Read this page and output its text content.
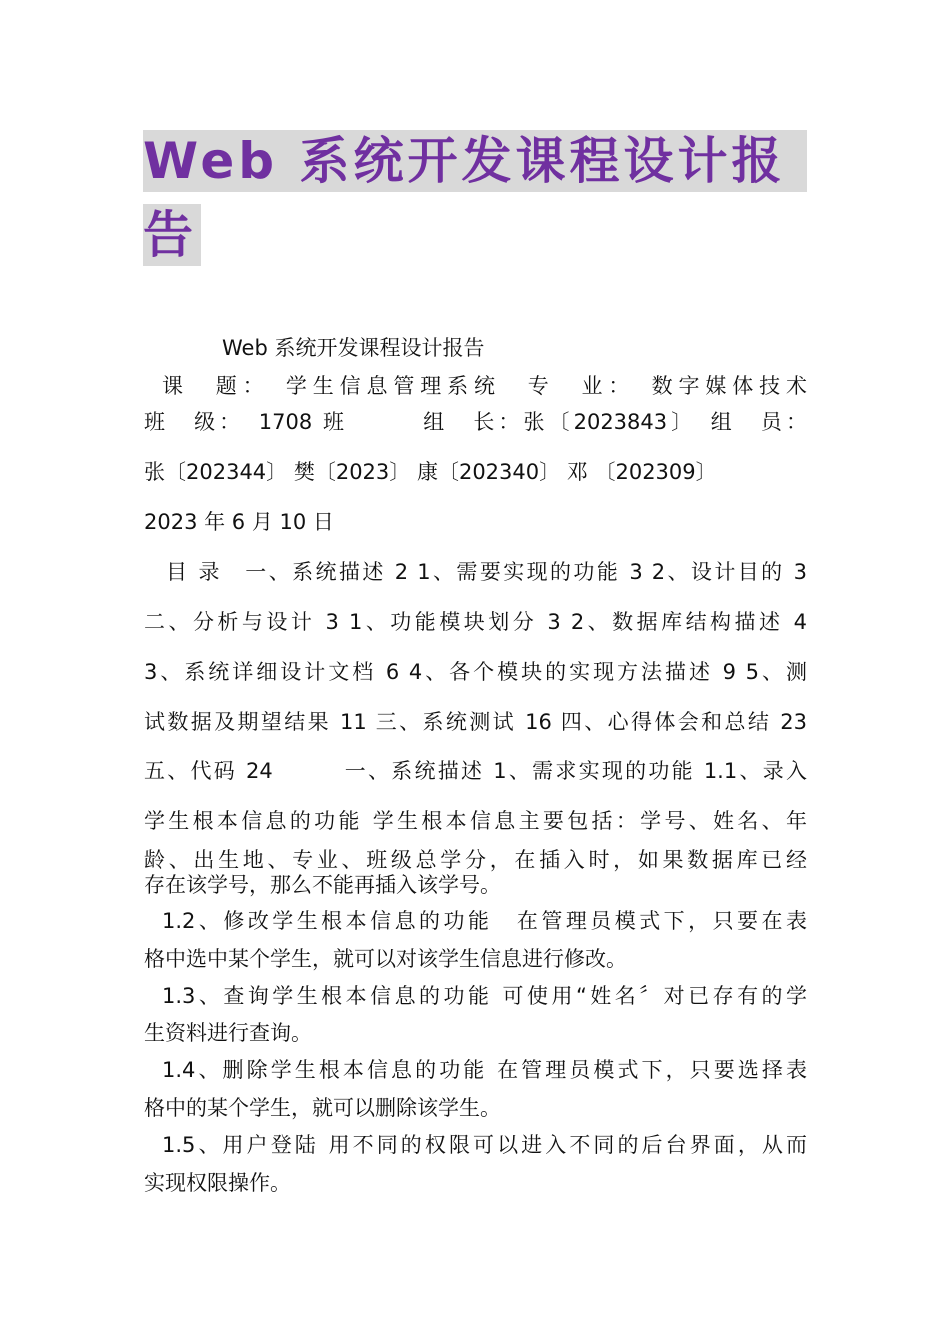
Web 系统开发课程设计报
告
Web 系统开发课程设计报告
课　题：　学生信息管理系统　专　业：　数字媒体技术
班　级：　1708 班　　　组　长：张〔2023843〕　组　员：
张〔202344〕 樊〔2023〕 康〔202340〕 邓 〔202309〕
2023 年 6 月 10 日
目 录　一、系统描述 2 1、需要实现的功能 3 2、设计目的 3
二、分析与设计 3 1、功能模块划分 3 2、数据库结构描述 4
3、系统详细设计文档 6 4、各个模块的实现方法描述 9 5、测
试数据及期望结果 11 三、系统测试 16 四、心得体会和总结 23
五、代码 24　　　一、系统描述 1、需求实现的功能 1.1、录入
学生根本信息的功能 学生根本信息主要包括：学号、姓名、年
龄、出生地、专业、班级总学分，在插入时，如果数据库已经
存在该学号，那么不能再插入该学号。
1.2、修改学生根本信息的功能　在管理员模式下，只要在表
格中选中某个学生，就可以对该学生信息进行修改。
1.3、查询学生根本信息的功能 可使用“姓名〞对已存有的学
生资料进行查询。
1.4、删除学生根本信息的功能 在管理员模式下，只要选择表
格中的某个学生，就可以删除该学生。
1.5、用户登陆 用不同的权限可以进入不同的后台界面，从而
实现权限操作。
